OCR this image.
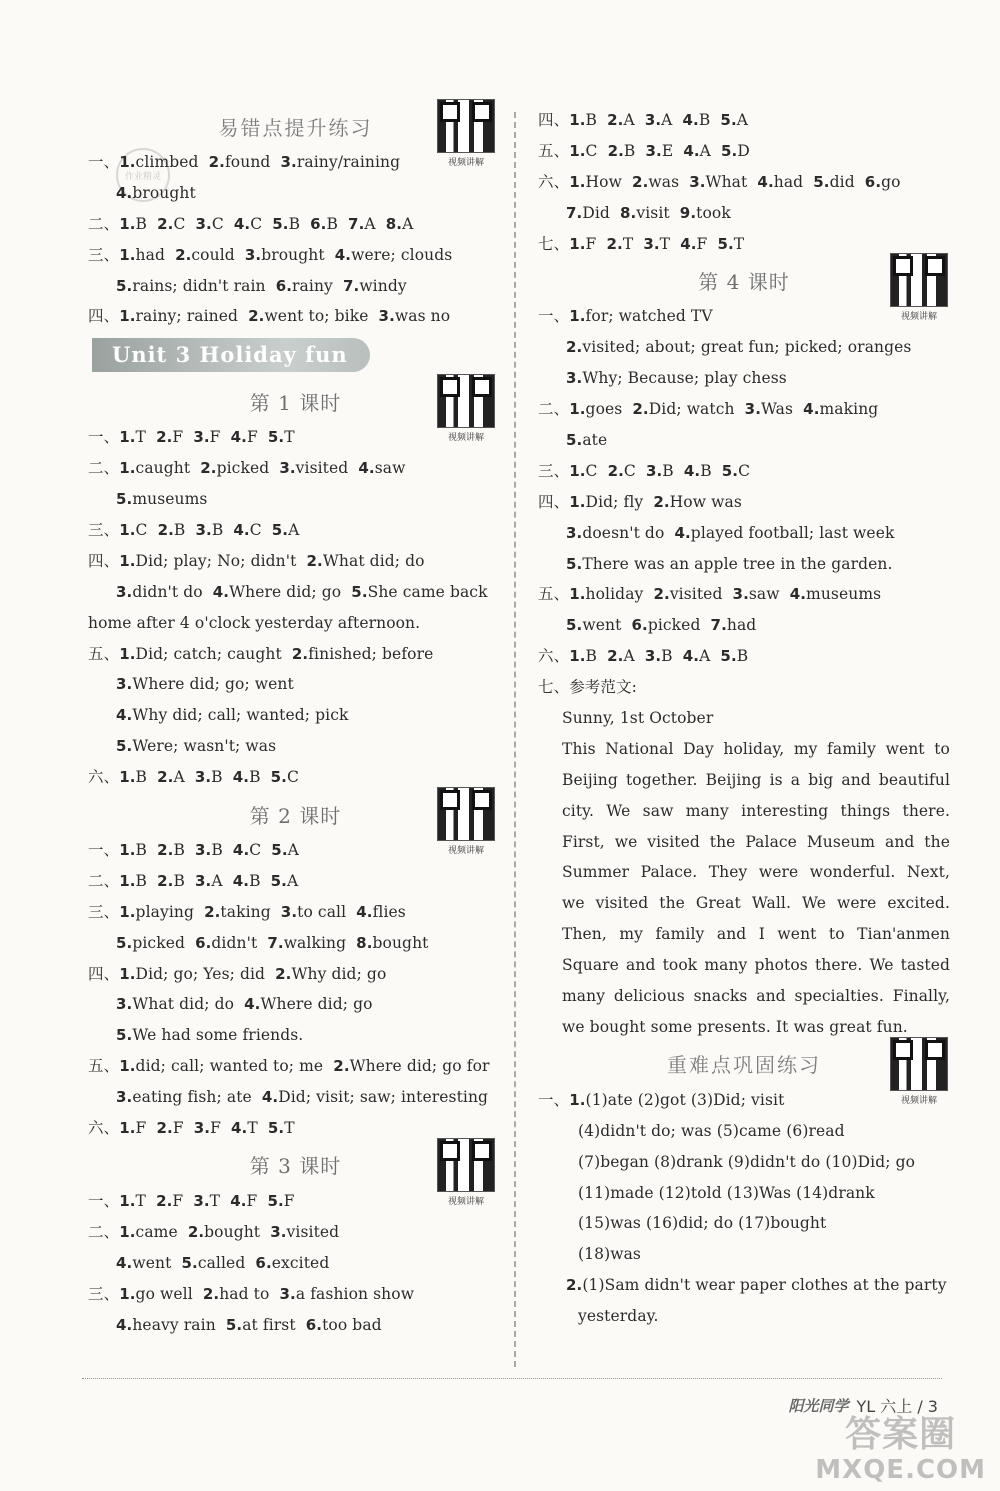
作业精灵
易错点提升练习
视频讲解
一、1.climbed 2.found 3.rainy/raining
4.brought
二、1.B 2.C 3.C 4.C 5.B 6.B 7.A 8.A
三、1.had 2.could 3.brought 4.were; clouds
5.rains; didn't rain 6.rainy 7.windy
四、1.rainy; rained 2.went to; bike 3.was no
Unit 3 Holiday fun
第 1 课时
视频讲解
一、1.T 2.F 3.F 4.F 5.T
二、1.caught 2.picked 3.visited 4.saw
5.museums
三、1.C 2.B 3.B 4.C 5.A
四、1.Did; play; No; didn't 2.What did; do
3.didn't do 4.Where did; go 5.She came back
home after 4 o'clock yesterday afternoon.
五、1.Did; catch; caught 2.finished; before
3.Where did; go; went
4.Why did; call; wanted; pick
5.Were; wasn't; was
六、1.B 2.A 3.B 4.B 5.C
第 2 课时
视频讲解
一、1.B 2.B 3.B 4.C 5.A
二、1.B 2.B 3.A 4.B 5.A
三、1.playing 2.taking 3.to call 4.flies
5.picked 6.didn't 7.walking 8.bought
四、1.Did; go; Yes; did 2.Why did; go
3.What did; do 4.Where did; go
5.We had some friends.
五、1.did; call; wanted to; me 2.Where did; go for
3.eating fish; ate 4.Did; visit; saw; interesting
六、1.F 2.F 3.F 4.T 5.T
第 3 课时
视频讲解
一、1.T 2.F 3.T 4.F 5.F
二、1.came 2.bought 3.visited
4.went 5.called 6.excited
三、1.go well 2.had to 3.a fashion show
4.heavy rain 5.at first 6.too bad
四、1.B 2.A 3.A 4.B 5.A
五、1.C 2.B 3.E 4.A 5.D
六、1.How 2.was 3.What 4.had 5.did 6.go
7.Did 8.visit 9.took
七、1.F 2.T 3.T 4.F 5.T
第 4 课时
视频讲解
一、1.for; watched TV
2.visited; about; great fun; picked; oranges
3.Why; Because; play chess
二、1.goes 2.Did; watch 3.Was 4.making
5.ate
三、1.C 2.C 3.B 4.B 5.C
四、1.Did; fly 2.How was
3.doesn't do 4.played football; last week
5.There was an apple tree in the garden.
五、1.holiday 2.visited 3.saw 4.museums
5.went 6.picked 7.had
六、1.B 2.A 3.B 4.A 5.B
七、参考范文:
Sunny, 1st October
This National Day holiday, my family went to
Beijing together. Beijing is a big and beautiful
city. We saw many interesting things there.
First, we visited the Palace Museum and the
Summer Palace. They were wonderful. Next,
we visited the Great Wall. We were excited.
Then, my family and I went to Tian'anmen
Square and took many photos there. We tasted
many delicious snacks and specialties. Finally,
we bought some presents. It was great fun.
重难点巩固练习
视频讲解
一、1.(1)ate (2)got (3)Did; visit
(4)didn't do; was (5)came (6)read
(7)began (8)drank (9)didn't do (10)Did; go
(11)made (12)told (13)Was (14)drank
(15)was (16)did; do (17)bought
(18)was
2.(1)Sam didn't wear paper clothes at the party
yesterday.
阳光同学 YL 六上 / 3
答案圈
MXQE.COM
